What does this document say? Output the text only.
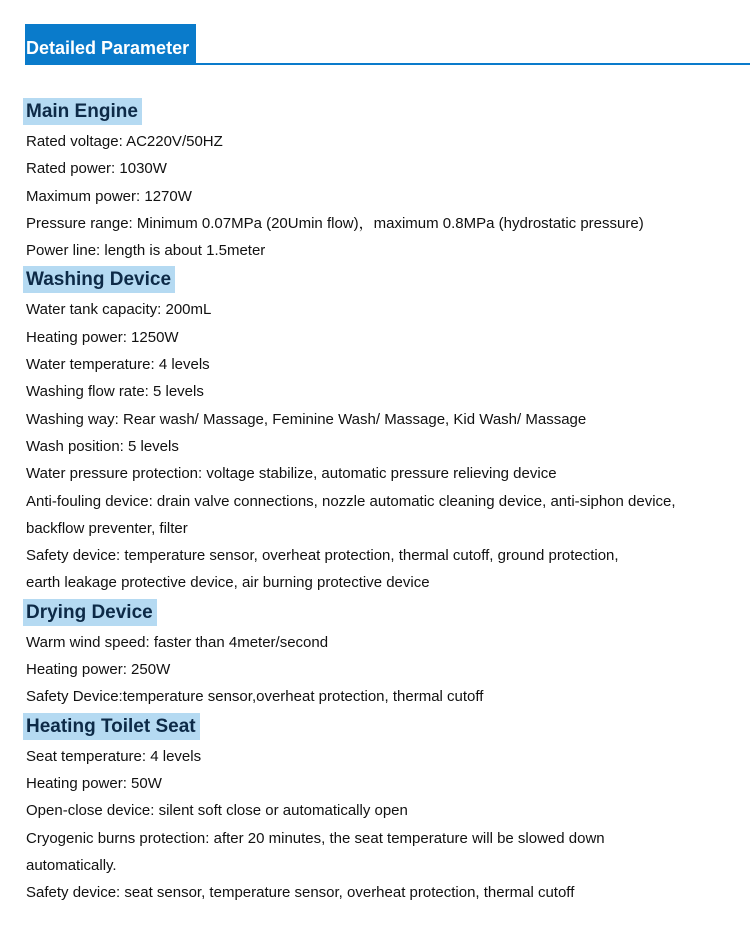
Detailed Parameter
Main Engine
Rated voltage: AC220V/50HZ
Rated power: 1030W
Maximum power: 1270W
Pressure range: Minimum 0.07MPa (20Umin flow)，maximum 0.8MPa (hydrostatic pressure)
Power line: length is about 1.5meter
Washing Device
Water tank capacity: 200mL
Heating power: 1250W
Water temperature: 4 levels
Washing flow rate: 5 levels
Washing way: Rear wash/ Massage, Feminine Wash/ Massage, Kid Wash/ Massage
Wash position: 5 levels
Water pressure protection: voltage stabilize, automatic pressure relieving device
Anti-fouling device: drain valve connections, nozzle automatic cleaning device, anti-siphon device,
backflow preventer, filter
Safety device: temperature sensor, overheat protection, thermal cutoff, ground protection,
earth leakage protective device, air burning protective device
Drying Device
Warm wind speed: faster than 4meter/second
Heating power: 250W
Safety Device:temperature sensor,overheat protection, thermal cutoff
Heating Toilet Seat
Seat temperature: 4 levels
Heating power: 50W
Open-close device: silent soft close or automatically open
Cryogenic burns protection: after 20 minutes, the seat temperature will be slowed down
automatically.
Safety device: seat sensor, temperature sensor, overheat protection, thermal cutoff
